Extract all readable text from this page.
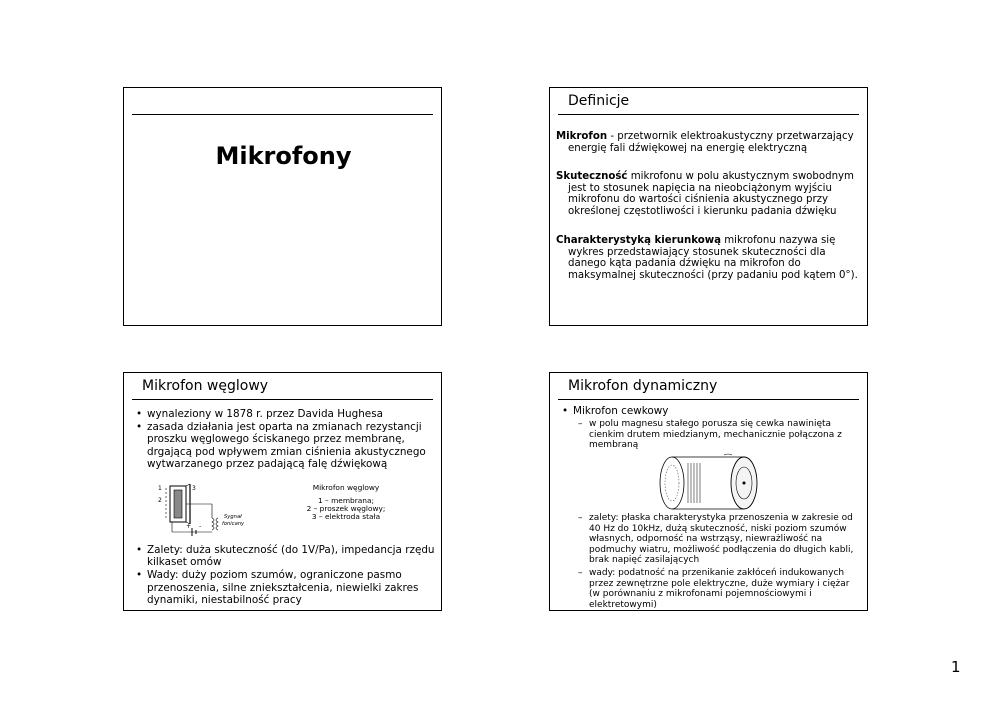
Mikrofony
Definicje

Mikrofon - przetwornik elektroakustyczny przetwarzający energię fali dźwiękowej na energię elektryczną

Skuteczność mikrofonu w polu akustycznym swobodnym jest to stosunek napięcia na nieobciążonym wyjściu mikrofonu do wartości ciśnienia akustycznego przy określonej częstotliwości i kierunku padania dźwięku

Charakterystyką kierunkową mikrofonu nazywa się wykres przedstawiający stosunek skuteczności dla danego kąta padania dźwięku na mikrofon do maksymalnej skuteczności (przy padaniu pod kątem 0°).

Mikrofon węglowy
• wynaleziony w 1878 r. przez Davida Hughesa
• zasada działania jest oparta na zmianach rezystancji proszku węglowego ściskanego przez membranę, drgającą pod wpływem zmian ciśnienia akustycznego wytwarzanego przez padającą falę dźwiękową
1
2
3
Sygnał
fonicany
+ -
Mikrofon węglowy
1 – membrana;
2 – proszek węglowy;
3 – elektroda stała
• Zalety: duża skuteczność (do 1V/Pa), impedancja rzędu kilkaset omów
• Wady: duży poziom szumów, ograniczone pasmo przenoszenia, silne zniekształcenia, niewielki zakres dynamiki, niestabilność pracy
Mikrofon dynamiczny
• Mikrofon cewkowy
– w polu magnesu stałego porusza się cewka nawinięta cienkim drutem miedzianym, mechanicznie połączona z membraną
– zalety: płaska charakterystyka przenoszenia w zakresie od 40 Hz do 10kHz, dużą skuteczność, niski poziom szumów własnych, odporność na wstrząsy, niewrażliwość na podmuchy wiatru, możliwość podłączenia do długich kabli, brak napięć zasilających
– wady: podatność na przenikanie zakłóceń indukowanych przez zewnętrzne pole elektryczne, duże wymiary i ciężar (w porównaniu z mikrofonami pojemnościowymi i elektretowymi)
1
